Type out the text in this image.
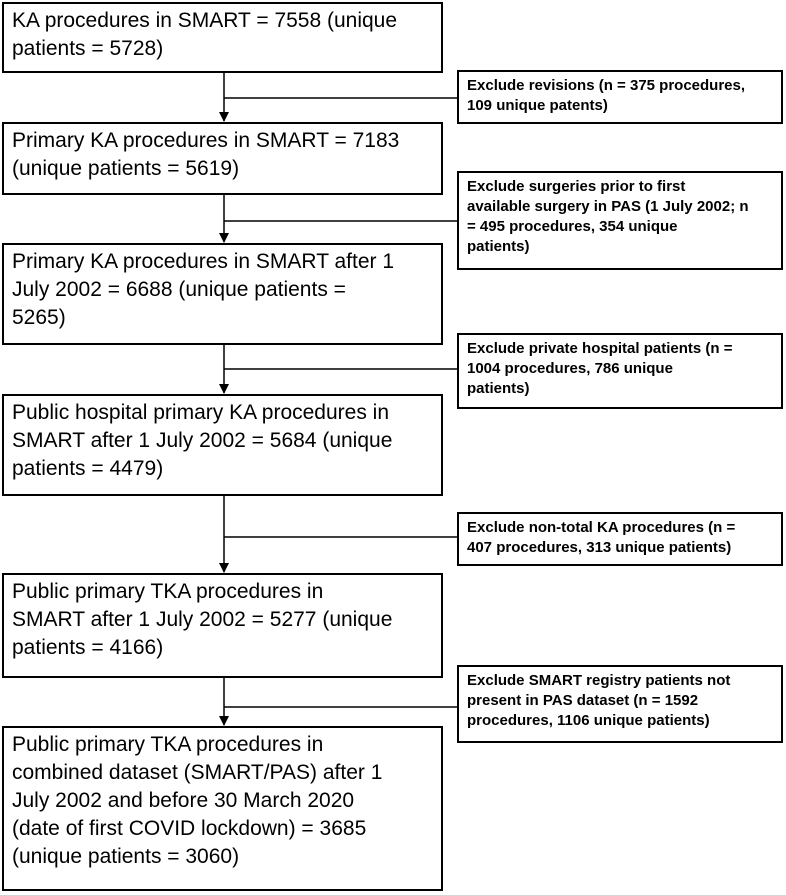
KA procedures in SMART = 7558 (unique
patients = 5728)
Primary KA procedures in SMART = 7183
(unique patients = 5619)
Primary KA procedures in SMART after 1
July 2002 = 6688 (unique patients =
5265)
Public hospital primary KA procedures in
SMART after 1 July 2002 = 5684 (unique
patients = 4479)
Public primary TKA procedures in
SMART after 1 July 2002 = 5277 (unique
patients = 4166)
Public primary TKA procedures in
combined dataset (SMART/PAS) after 1
July 2002 and before 30 March 2020
(date of first COVID lockdown) = 3685
(unique patients = 3060)
Exclude revisions (n = 375 procedures,
109 unique patents)
Exclude surgeries prior to first
available surgery in PAS (1 July 2002; n
= 495 procedures, 354 unique
patients)
Exclude private hospital patients (n =
1004 procedures, 786 unique
patients)
Exclude non-total KA procedures (n =
407 procedures, 313 unique patients)
Exclude SMART registry patients not
present in PAS dataset (n = 1592
procedures, 1106 unique patients)
